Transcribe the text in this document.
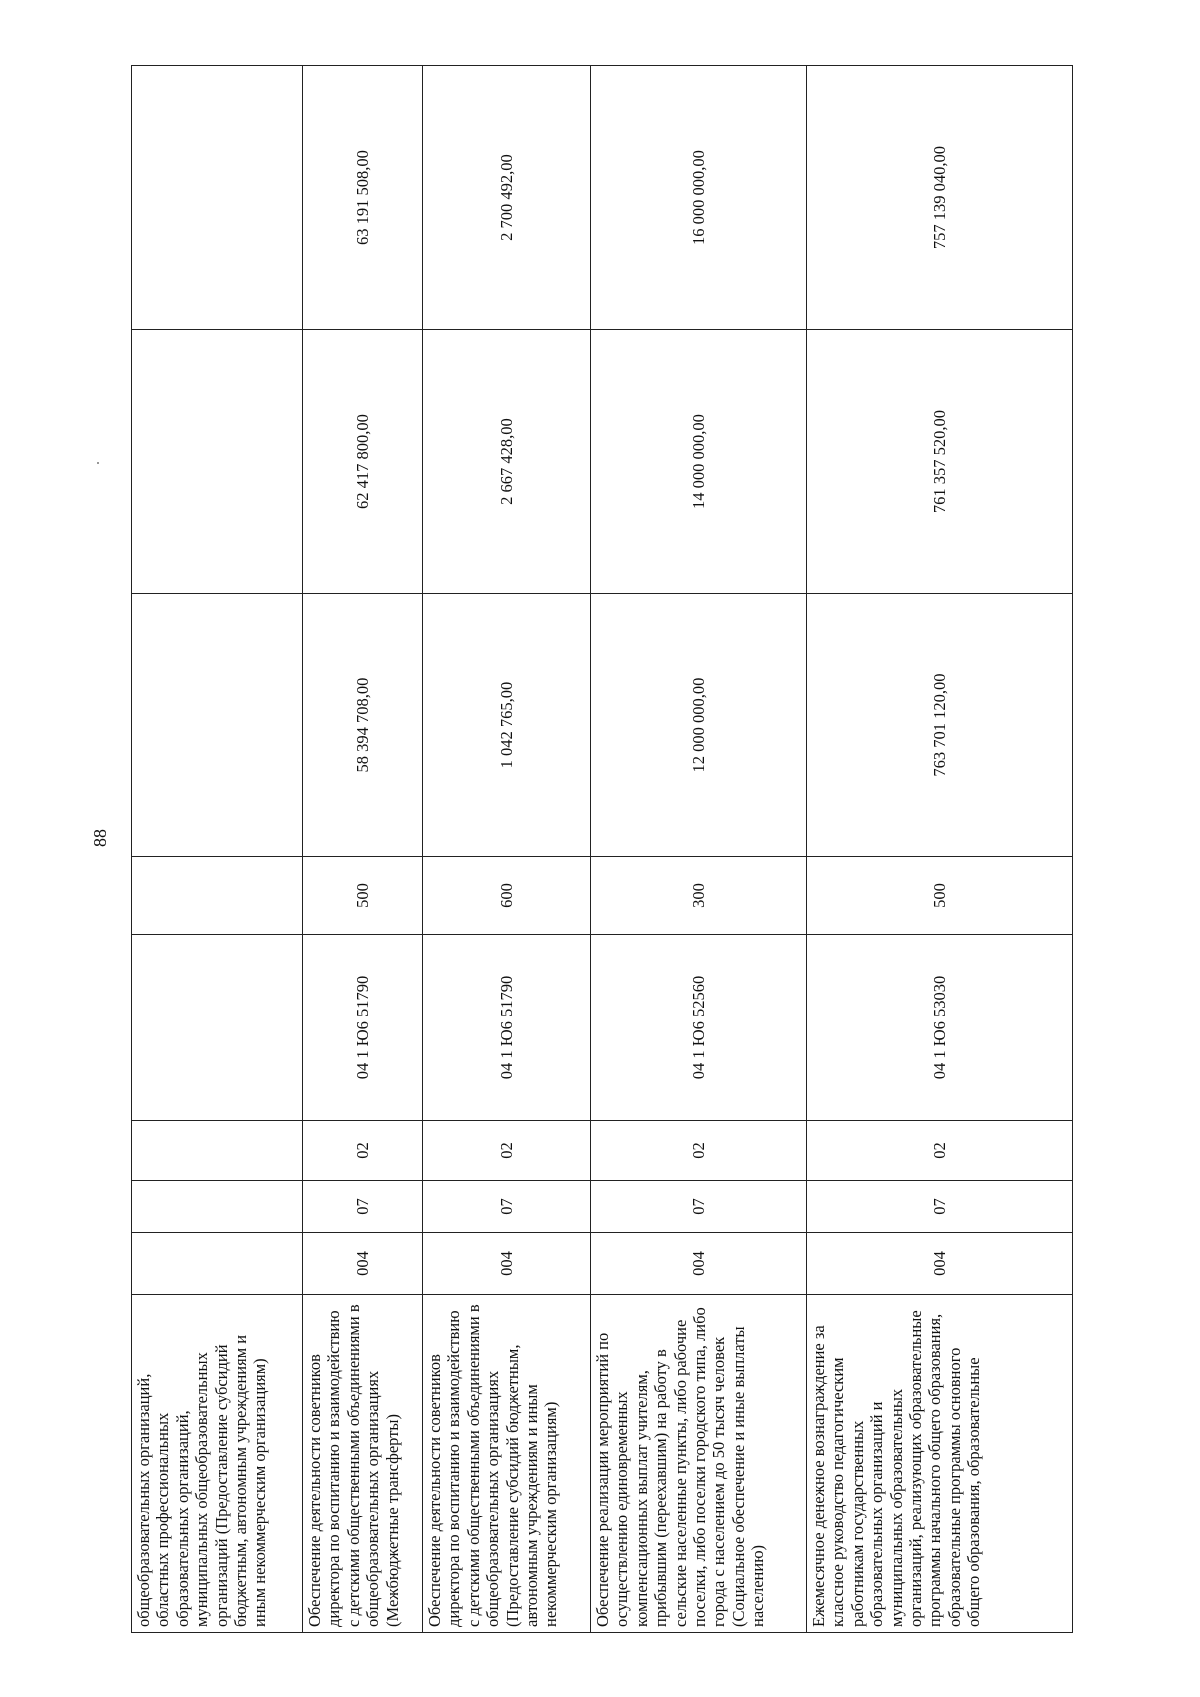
88
общеобразовательных организаций, областных профессиональных образовательных организаций, муниципальных общеобразовательных организаций (Предоставление субсидий бюджетным, автономным учреждениям и иным некоммерческим организациям)								
Обеспечение деятельности советников директора по воспитанию и взаимодействию с детскими общественными объединениями в общеобразовательных организациях (Межбюджетные трансферты)	004	07	02	04 1 Ю6 51790	500	58 394 708,00	62 417 800,00	63 191 508,00
Обеспечение деятельности советников директора по воспитанию и взаимодействию с детскими общественными объединениями в общеобразовательных организациях (Предоставление субсидий бюджетным, автономным учреждениям и иным некоммерческим организациям)	004	07	02	04 1 Ю6 51790	600	1 042 765,00	2 667 428,00	2 700 492,00
Обеспечение реализации мероприятий по осуществлению единовременных компенсационных выплат учителям, прибывшим (переехавшим) на работу в сельские населенные пункты, либо рабочие поселки, либо поселки городского типа, либо города с населением до 50 тысяч человек (Социальное обеспечение и иные выплаты населению)	004	07	02	04 1 Ю6 52560	300	12 000 000,00	14 000 000,00	16 000 000,00
Ежемесячное денежное вознаграждение за классное руководство педагогическим работникам государственных образовательных организаций и муниципальных образовательных организаций, реализующих образовательные программы начального общего образования, образовательные программы основного общего образования, образовательные	004	07	02	04 1 Ю6 53030	500	763 701 120,00	761 357 520,00	757 139 040,00
